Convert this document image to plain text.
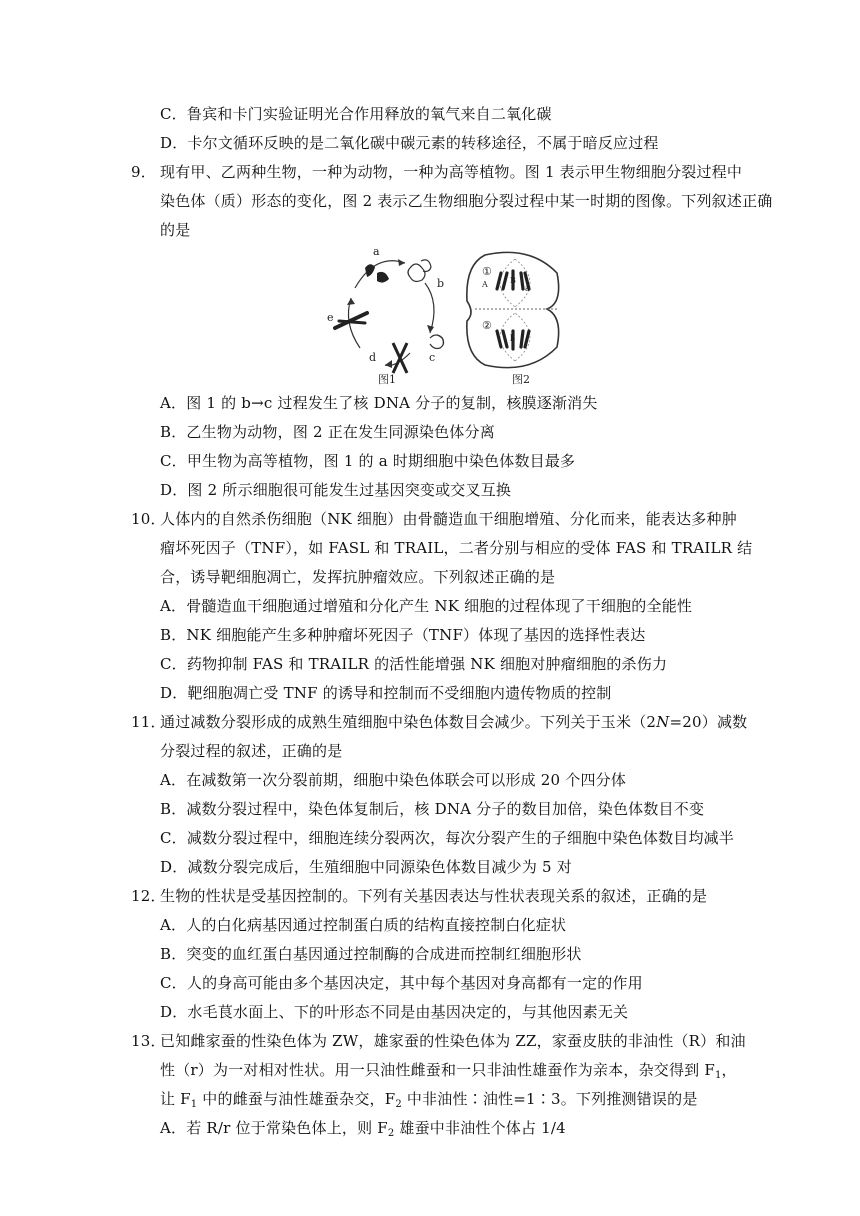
C．鲁宾和卡门实验证明光合作用释放的氧气来自二氧化碳
D．卡尔文循环反映的是二氧化碳中碳元素的转移途径，不属于暗反应过程
9． 现有甲、乙两种生物，一种为动物，一种为高等植物。图 1 表示甲生物细胞分裂过程中
染色体（质）形态的变化，图 2 表示乙生物细胞分裂过程中某一时期的图像。下列叙述正确
的是
a
b
c
d
e
图1
①
②
A	a
B
b
图2
A．图 1 的 b→c 过程发生了核 DNA 分子的复制，核膜逐渐消失
B．乙生物为动物，图 2 正在发生同源染色体分离
C．甲生物为高等植物，图 1 的 a 时期细胞中染色体数目最多
D．图 2 所示细胞很可能发生过基因突变或交叉互换
10．
人体内的自然杀伤细胞（NK 细胞）由骨髓造血干细胞增殖、分化而来，能表达多种肿
瘤坏死因子（TNF），如 FASL 和 TRAIL，二者分别与相应的受体 FAS 和 TRAILR 结
合，诱导靶细胞凋亡，发挥抗肿瘤效应。下列叙述正确的是
A．骨髓造血干细胞通过增殖和分化产生 NK 细胞的过程体现了干细胞的全能性
B．NK 细胞能产生多种肿瘤坏死因子（TNF）体现了基因的选择性表达
C．药物抑制 FAS 和 TRAILR 的活性能增强 NK 细胞对肿瘤细胞的杀伤力
D．靶细胞凋亡受 TNF 的诱导和控制而不受细胞内遗传物质的控制
11．
通过减数分裂形成的成熟生殖细胞中染色体数目会减少。下列关于玉米（2N=20）减数
分裂过程的叙述，正确的是
A．在减数第一次分裂前期，细胞中染色体联会可以形成 20 个四分体
B．减数分裂过程中，染色体复制后，核 DNA 分子的数目加倍，染色体数目不变
C．减数分裂过程中，细胞连续分裂两次，每次分裂产生的子细胞中染色体数目均减半
D．减数分裂完成后，生殖细胞中同源染色体数目减少为 5 对
12．
生物的性状是受基因控制的。下列有关基因表达与性状表现关系的叙述，正确的是
A．人的白化病基因通过控制蛋白质的结构直接控制白化症状
B．突变的血红蛋白基因通过控制酶的合成进而控制红细胞形状
C．人的身高可能由多个基因决定，其中每个基因对身高都有一定的作用
D．水毛茛水面上、下的叶形态不同是由基因决定的，与其他因素无关
13．
已知雌家蚕的性染色体为 ZW，雄家蚕的性染色体为 ZZ，家蚕皮肤的非油性（R）和油
性（r）为一对相对性状。用一只油性雌蚕和一只非油性雄蚕作为亲本，杂交得到 $F_1$，
让 $F_1$ 中的雌蚕与油性雄蚕杂交，$F_2$ 中非油性∶油性=1∶3。下列推测错误的是
A．若 R/r 位于常染色体上，则 $F_2$ 雄蚕中非油性个体占 1/4
